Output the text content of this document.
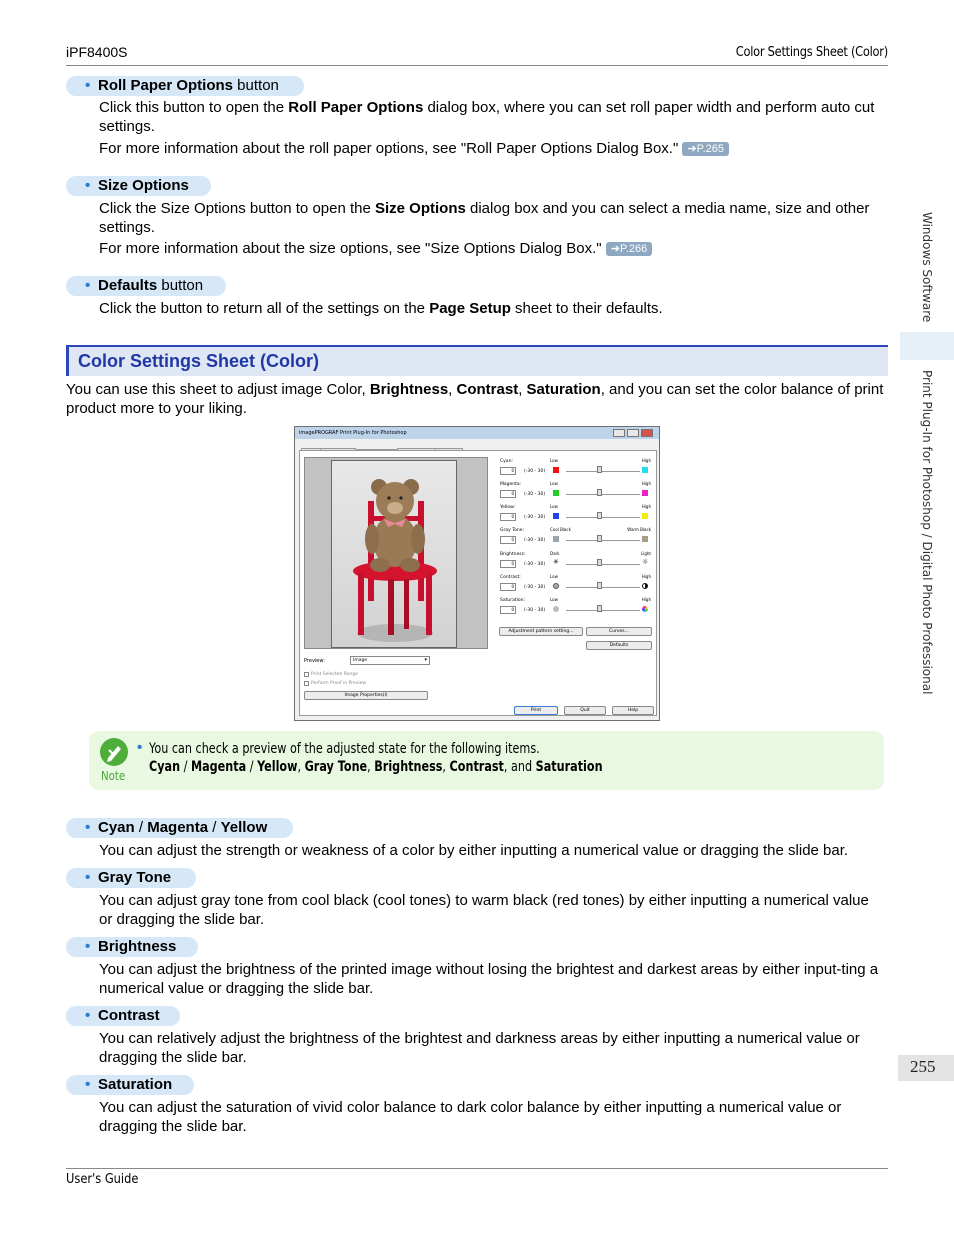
iPF8400S	Color Settings Sheet (Color)
Windows Software
Print Plug-In for Photoshop / Digital Photo Professional
255
• Roll Paper Options button
Click this button to open the Roll Paper Options dialog box, where you can set roll paper width and perform auto cut settings.
For more information about the roll paper options, see "Roll Paper Options Dialog Box." ➔P.265
• Size Options
Click the Size Options button to open the Size Options dialog box and you can select a media name, size and other settings.
For more information about the size options, see "Size Options Dialog Box." ➔P.266
• Defaults button
Click the button to return all of the settings on the Page Setup sheet to their defaults.
Color Settings Sheet (Color)
You can use this sheet to adjust image Color, Brightness, Contrast, Saturation, and you can set the color balance of print product more to your liking.
imagePROGRAF Print Plug-In for Photoshop
Cyan:
0	(-30 - 30)
Low	High
Magenta:
0	(-30 - 30)
Low	High
Yellow:
0	(-30 - 30)
Low	High
Gray Tone:
0	(-30 - 30)
Cool Black	Warm Black
Brightness:
0	(-30 - 30)
Dark	Light
✳	☼
Contrast:
0	(-30 - 30)
Low	High
Saturation:
0	(-30 - 30)
Low	High
Adjustment pattern setting...	Curves...
Defaults
Preview:	Image	▾
Print Selected Range
Perform Proof in Preview
Image Properties(I)
Print	Quit	Help
Note
• You can check a preview of the adjusted state for the following items.
Cyan / Magenta / Yellow, Gray Tone, Brightness, Contrast, and Saturation
• Cyan / Magenta / Yellow
You can adjust the strength or weakness of a color by either inputting a numerical value or dragging the slide bar.
• Gray Tone
You can adjust gray tone from cool black (cool tones) to warm black (red tones) by either inputting a numerical value or dragging the slide bar.
• Brightness
You can adjust the brightness of the printed image without losing the brightest and darkest areas by either input-ting a numerical value or dragging the slide bar.
• Contrast
You can relatively adjust the brightness of the brightest and darkness areas by either inputting a numerical value or dragging the slide bar.
• Saturation
You can adjust the saturation of vivid color balance to dark color balance by either inputting a numerical value or dragging the slide bar.
User's Guide
